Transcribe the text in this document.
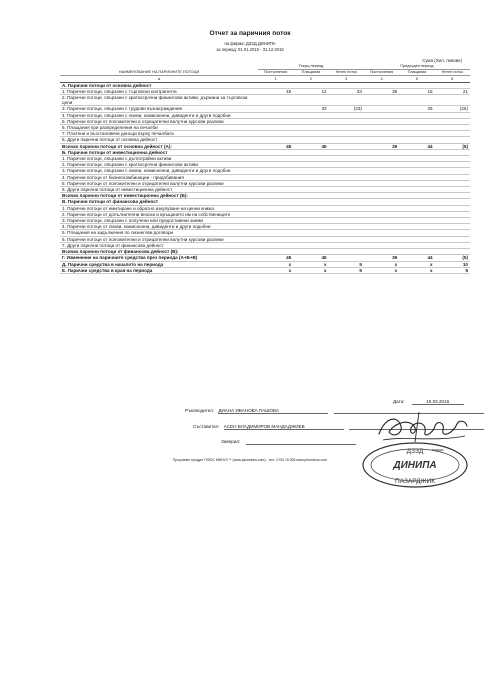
Отчет за паричния поток
на фирма: ДЗЗД ДИНИПА
за период: 01.01.2015 - 31.12.2015
Сума (Хил. левове)
НАИМЕНОВАНИЕ НА ПАРИЧНИТЕ ПОТОЦИ	Текущ период			Предходен период		
	Постъпления	Плащания	Нетен поток	Постъпления	Плащания	Нетен поток
а	1	2	3	4	5	6
А. Парични потоци от основна дейност						
1. Парични потоци, свързани с търговски контрагенти	45	12	33	39	18	21
2. Парични потоци, свързани с краткосрочни финансови активи, държани за търговски цели						
3. Парични потоци, свързани с трудови възнаграждения		33	(33)		26	(26)
4. Парични потоци, свързани с лихви, комисионни, дивиденти и други подобни						
5. Парични потоци от положителни и отрицателни валутни курсови разлики						
6. Плащания при разпределения на печалби						
7. Платени и възстановени данъци върху печалбата						
8. Други парични потоци от основна дейност						
Всичко парични потоци от основна дейност (А):	45	45		39	44	(5)
Б. Парични потоци от инвестиционна дейност						
1. Парични потоци, свързани с дълготрайни активи						
2. Парични потоци, свързани с краткосрочни финансови активи						
3. Парични потоци, свързани с лихви, комисионни, дивиденти и други подобни						
4. Парични потоци от бизнескомбинации - придобивания						
5. Парични потоци от положителни и отрицателни валутни курсови разлики						
6. Други парични потоци от инвестиционна дейност						
Всичко парични потоци от инвестиционна дейност (Б):						
В. Парични потоци от финансова дейност						
1. Парични потоци от емитиране и обратно изкупуване на ценни книжа						
2. Парични потоци от допълнителни вноски и връщането им на собствениците						
3. Парични потоци, свързани с получени или предоставени заеми						
4. Парични потоци от лихви, комисионни, дивиденти и други подобни						
5. Плащания на задължения по лизингови договори						
6. Парични потоци от положителни и отрицателни валутни курсови разлики						
7. Други парични потоци от финансова дейност						
Всичко парични потоци от финансова дейност (В):						
Г. Изменение на паричните средства през периода (А+Б+В)	45	45		39	44	(5)
Д. Парични средства в началото на периода	x	x	5	x	x	10
Е. Парични средства в края на периода	x	x	5	x	x	5
Дата:	15.03.2016
Ръководител: ДИАНА ИВАНОВА ПАШОВА
Съставител: АСЕН ВЛАДИМИРОВ МАНДАДЖИЕВ
Заверил:
подпис
ДЗЗД
ДИНИПА
ПАЗАРДЖИК
Програмен продукт ПЛЮС МИНУС™ (www.plusminus.com) - тел.: 0700 15 005 www.plusminus.com
